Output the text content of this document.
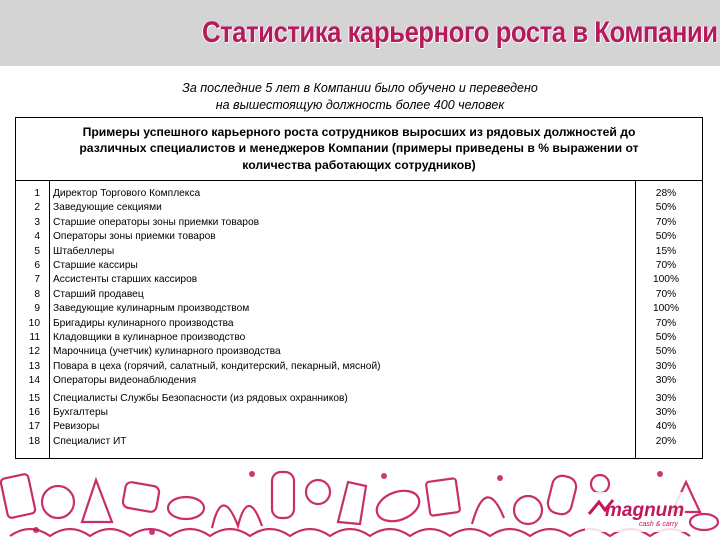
Статистика карьерного роста в Компании
За последние 5 лет в Компании было обучено и переведено
на вышестоящую должность более 400 человек
Примеры успешного карьерного роста сотрудников выросших из рядовых должностей до
различных специалистов и менеджеров Компании (примеры приведены в % выражении от
количества работающих сотрудников)
1	Директор Торгового Комплекса	28%
2	Заведующие секциями	50%
3	Старшие операторы зоны приемки товаров	70%
4	Операторы зоны приемки товаров	50%
5	Штабеллеры	15%
6	Старшие кассиры	70%
7	Ассистенты старших кассиров	100%
8	Старший продавец	70%
9	Заведующие кулинарным производством	100%
10	Бригадиры кулинарного производства	70%
11	Кладовщики в кулинарное производство	50%
12	Марочница (учетчик) кулинарного производства	50%
13	Повара в цеха (горячий, салатный, кондитерский, пекарный, мясной)	30%
14	Операторы видеонаблюдения	30%
15	Специалисты Службы Безопасности (из рядовых охранников)	30%
16	Бухгалтеры	30%
17	Ревизоры	40%
18	Специалист ИТ	20%
magnum
cash & carry
